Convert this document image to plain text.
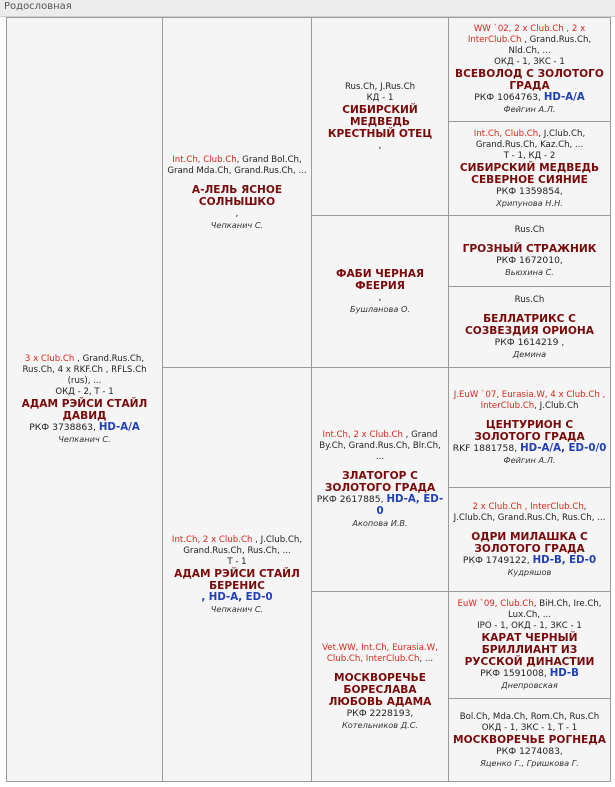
Родословная
3 x Club.Ch , Grand.Rus.Ch, Rus.Ch, 4 x RKF.Ch , RFLS.Ch (rus), ...
ОКД - 2, Т - 1
АДАМ РЭЙСИ СТАЙЛ ДАВИД
РКФ 3738863, HD-A/A
Чепканич С.
Int.Ch, Club.Ch, Grand Bol.Ch, Grand Mda.Ch, Grand.Rus.Ch, ...
А-ЛЕЛЬ ЯСНОЕ СОЛНЫШКО
,
Чепканич С.
Int.Ch, 2 x Club.Ch , J.Club.Ch, Grand.Rus.Ch, Rus.Ch, ...
Т - 1
АДАМ РЭЙСИ СТАЙЛ БЕРЕНИС
, HD-A, ED-0
Чепканич С.
Rus.Ch, J.Rus.Ch
КД - 1
СИБИРСКИЙ МЕДВЕДЬ КРЕСТНЫЙ ОТЕЦ
,
ФАБИ ЧЕРНАЯ ФЕЕРИЯ
,
Бушланова О.
Int.Ch, 2 x Club.Ch , Grand By.Ch, Grand.Rus.Ch, Blr.Ch, ...
ЗЛАТОГОР С ЗОЛОТОГО ГРАДА
РКФ 2617885, HD-A, ED-0
Акопова И.В.
Vet.WW, Int.Ch, Eurasia.W, Club.Ch, InterClub.Ch, ...
МОСКВОРЕЧЬЕ БОРЕСЛАВА ЛЮБОВЬ АДАМА
РКФ 2228193,
Котельников Д.С.
WW `02, 2 x Club.Ch , 2 x InterClub.Ch , Grand.Rus.Ch, Nld.Ch, ...
ОКД - 1, ЗКС - 1
ВСЕВОЛОД С ЗОЛОТОГО ГРАДА
РКФ 1064763, HD-A/A
Фейгин А.Л.
Int.Ch, Club.Ch, J.Club.Ch, Grand.Rus.Ch, Kaz.Ch, ...
Т - 1, КД - 2
СИБИРСКИЙ МЕДВЕДЬ СЕВЕРНОЕ СИЯНИЕ
РКФ 1359854,
Хрипунова Н.Н.
Rus.Ch
ГРОЗНЫЙ СТРАЖНИК
РКФ 1672010,
Вьюхина С.
Rus.Ch
БЕЛЛАТРИКС С СОЗВЕЗДИЯ ОРИОНА
РКФ 1614219 ,
Демина
J.EuW `07, Eurasia.W, 4 x Club.Ch , InterClub.Ch, J.Club.Ch
ЦЕНТУРИОН С ЗОЛОТОГО ГРАДА
RKF 1881758, HD-A/A, ED-0/0
Фейгин А.Л.
2 x Club.Ch , InterClub.Ch, J.Club.Ch, Grand.Rus.Ch, Rus.Ch, ...
ОДРИ МИЛАШКА С ЗОЛОТОГО ГРАДА
РКФ 1749122, HD-B, ED-0
Кудряшов
EuW `09, Club.Ch, BiH.Ch, Ire.Ch, Lux.Ch, ...
IPO - 1, ОКД - 1, ЗКС - 1
КАРАТ ЧЕРНЫЙ БРИЛЛИАНТ ИЗ РУССКОЙ ДИНАСТИИ
РКФ 1591008, HD-B
Днепровская
Bol.Ch, Mda.Ch, Rom.Ch, Rus.Ch
ОКД - 1, ЗКС - 1, Т - 1
МОСКВОРЕЧЬЕ РОГНЕДА
РКФ 1274083,
Яценко Г., Гришкова Г.
